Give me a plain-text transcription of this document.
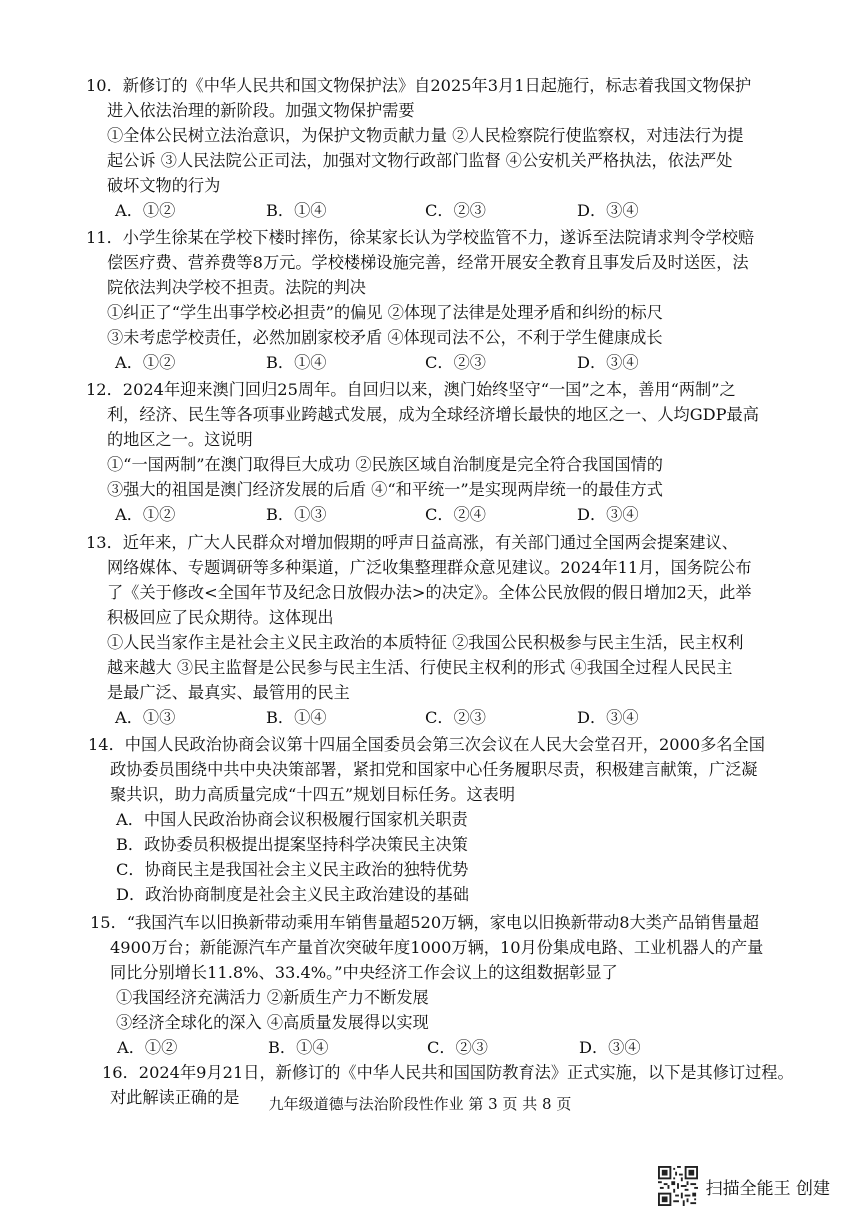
10．新修订的《中华人民共和国文物保护法》自2025年3月1日起施行，标志着我国文物保护
进入依法治理的新阶段。加强文物保护需要
①全体公民树立法治意识，为保护文物贡献力量 ②人民检察院行使监察权，对违法行为提
起公诉 ③人民法院公正司法，加强对文物行政部门监督 ④公安机关严格执法，依法严处
破坏文物的行为
A．①②	B．①④	C．②③	D．③④
11．小学生徐某在学校下楼时摔伤，徐某家长认为学校监管不力，遂诉至法院请求判令学校赔
偿医疗费、营养费等8万元。学校楼梯设施完善，经常开展安全教育且事发后及时送医，法
院依法判决学校不担责。法院的判决
①纠正了“学生出事学校必担责”的偏见 ②体现了法律是处理矛盾和纠纷的标尺
③未考虑学校责任，必然加剧家校矛盾 ④体现司法不公，不利于学生健康成长
A．①②	B．①④	C．②③	D．③④
12．2024年迎来澳门回归25周年。自回归以来，澳门始终坚守“一国”之本，善用“两制”之
利，经济、民生等各项事业跨越式发展，成为全球经济增长最快的地区之一、人均GDP最高
的地区之一。这说明
①“一国两制”在澳门取得巨大成功 ②民族区域自治制度是完全符合我国国情的
③强大的祖国是澳门经济发展的后盾 ④“和平统一”是实现两岸统一的最佳方式
A．①②	B．①③	C．②④	D．③④
13．近年来，广大人民群众对增加假期的呼声日益高涨，有关部门通过全国两会提案建议、
网络媒体、专题调研等多种渠道，广泛收集整理群众意见建议。2024年11月，国务院公布
了《关于修改<全国年节及纪念日放假办法>的决定》。全体公民放假的假日增加2天，此举
积极回应了民众期待。这体现出
①人民当家作主是社会主义民主政治的本质特征 ②我国公民积极参与民主生活，民主权利
越来越大 ③民主监督是公民参与民主生活、行使民主权利的形式 ④我国全过程人民民主
是最广泛、最真实、最管用的民主
A．①③	B．①④	C．②③	D．③④
14．中国人民政治协商会议第十四届全国委员会第三次会议在人民大会堂召开，2000多名全国
政协委员围绕中共中央决策部署，紧扣党和国家中心任务履职尽责，积极建言献策，广泛凝
聚共识，助力高质量完成“十四五”规划目标任务。这表明
A．中国人民政治协商会议积极履行国家机关职责
B．政协委员积极提出提案坚持科学决策民主决策
C．协商民主是我国社会主义民主政治的独特优势
D．政治协商制度是社会主义民主政治建设的基础
15．“我国汽车以旧换新带动乘用车销售量超520万辆，家电以旧换新带动8大类产品销售量超
4900万台；新能源汽车产量首次突破年度1000万辆，10月份集成电路、工业机器人的产量
同比分别增长11.8%、33.4%。”中央经济工作会议上的这组数据彰显了
①我国经济充满活力 ②新质生产力不断发展
③经济全球化的深入 ④高质量发展得以实现
A．①②	B．①④	C．②③	D．③④
16．2024年9月21日，新修订的《中华人民共和国国防教育法》正式实施，以下是其修订过程。
对此解读正确的是	九年级道德与法治阶段性作业 第 3 页 共 8 页
扫描全能王 创建
